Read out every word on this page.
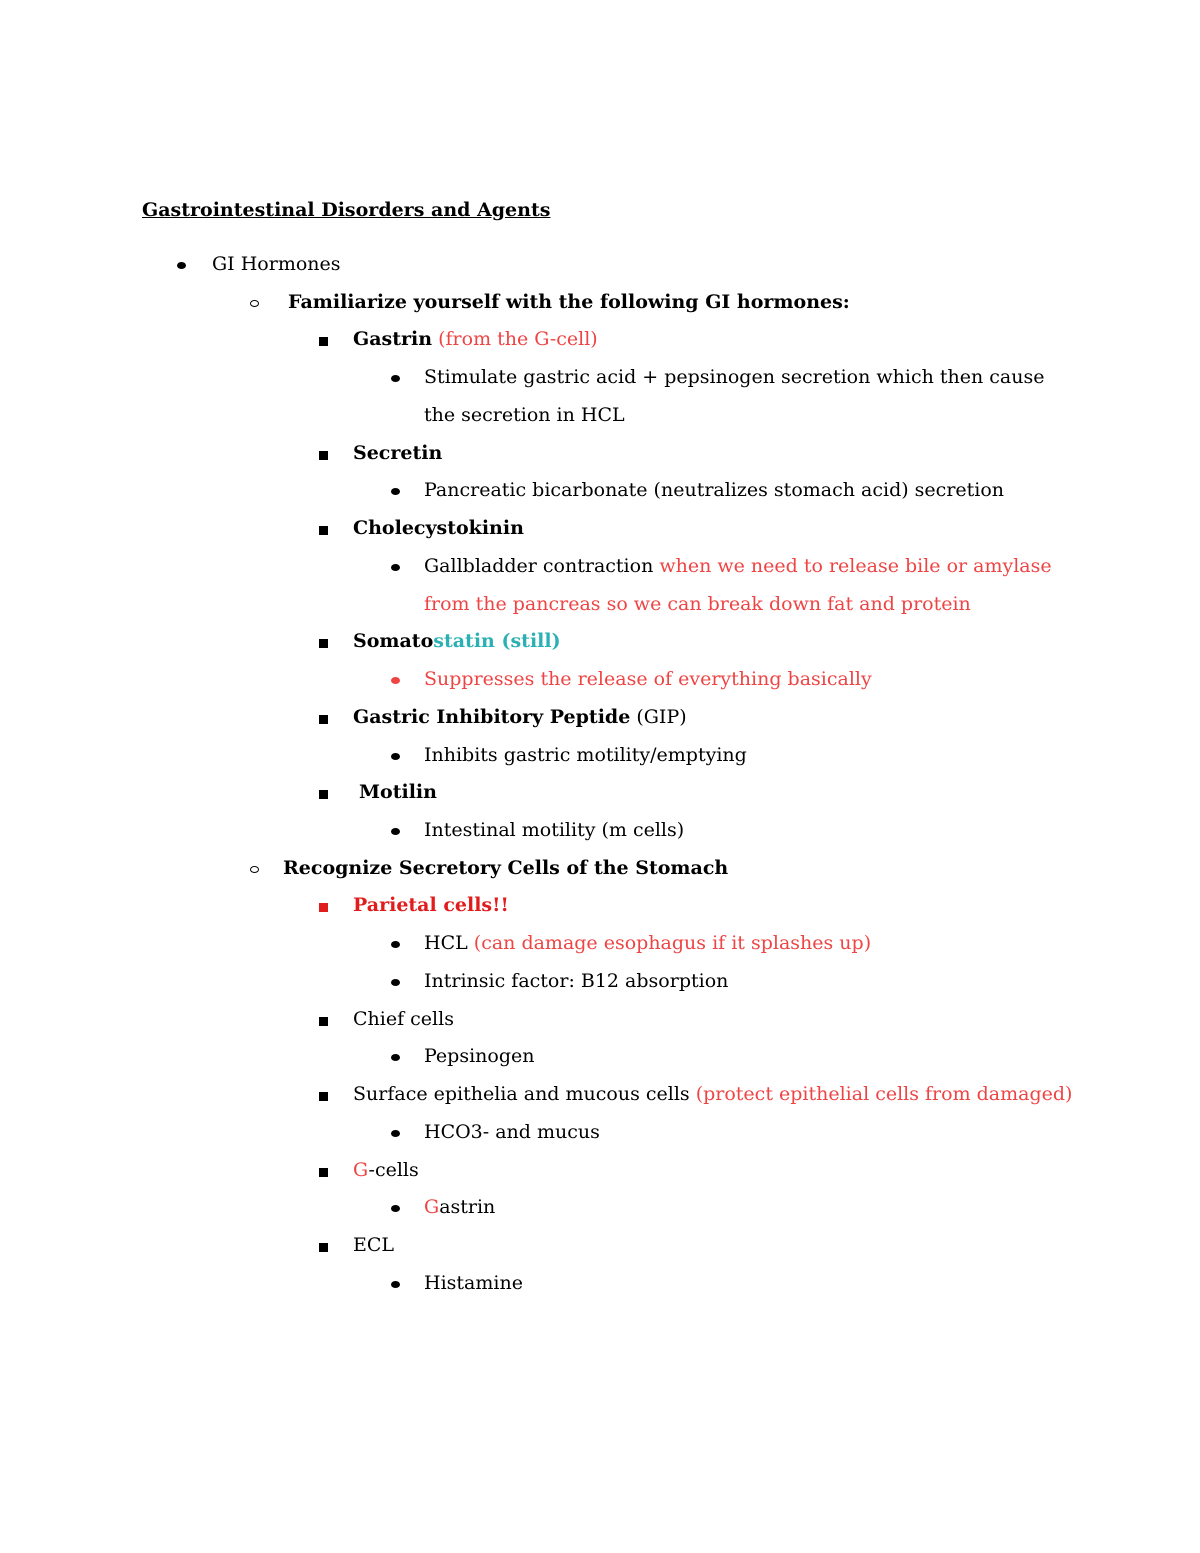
Gastrointestinal Disorders and Agents
GI Hormones
Familiarize yourself with the following GI hormones:
Gastrin (from the G-cell)
Stimulate gastric acid + pepsinogen secretion which then cause
the secretion in HCL
Secretin
Pancreatic bicarbonate (neutralizes stomach acid) secretion
Cholecystokinin
Gallbladder contraction when we need to release bile or amylase
from the pancreas so we can break down fat and protein
Somatostatin (still)
Suppresses the release of everything basically
Gastric Inhibitory Peptide (GIP)
Inhibits gastric motility/emptying
Motilin
Intestinal motility (m cells)
Recognize Secretory Cells of the Stomach
Parietal cells!!
HCL (can damage esophagus if it splashes up)
Intrinsic factor: B12 absorption
Chief cells
Pepsinogen
Surface epithelia and mucous cells (protect epithelial cells from damaged)
HCO3- and mucus
G-cells
Gastrin
ECL
Histamine
